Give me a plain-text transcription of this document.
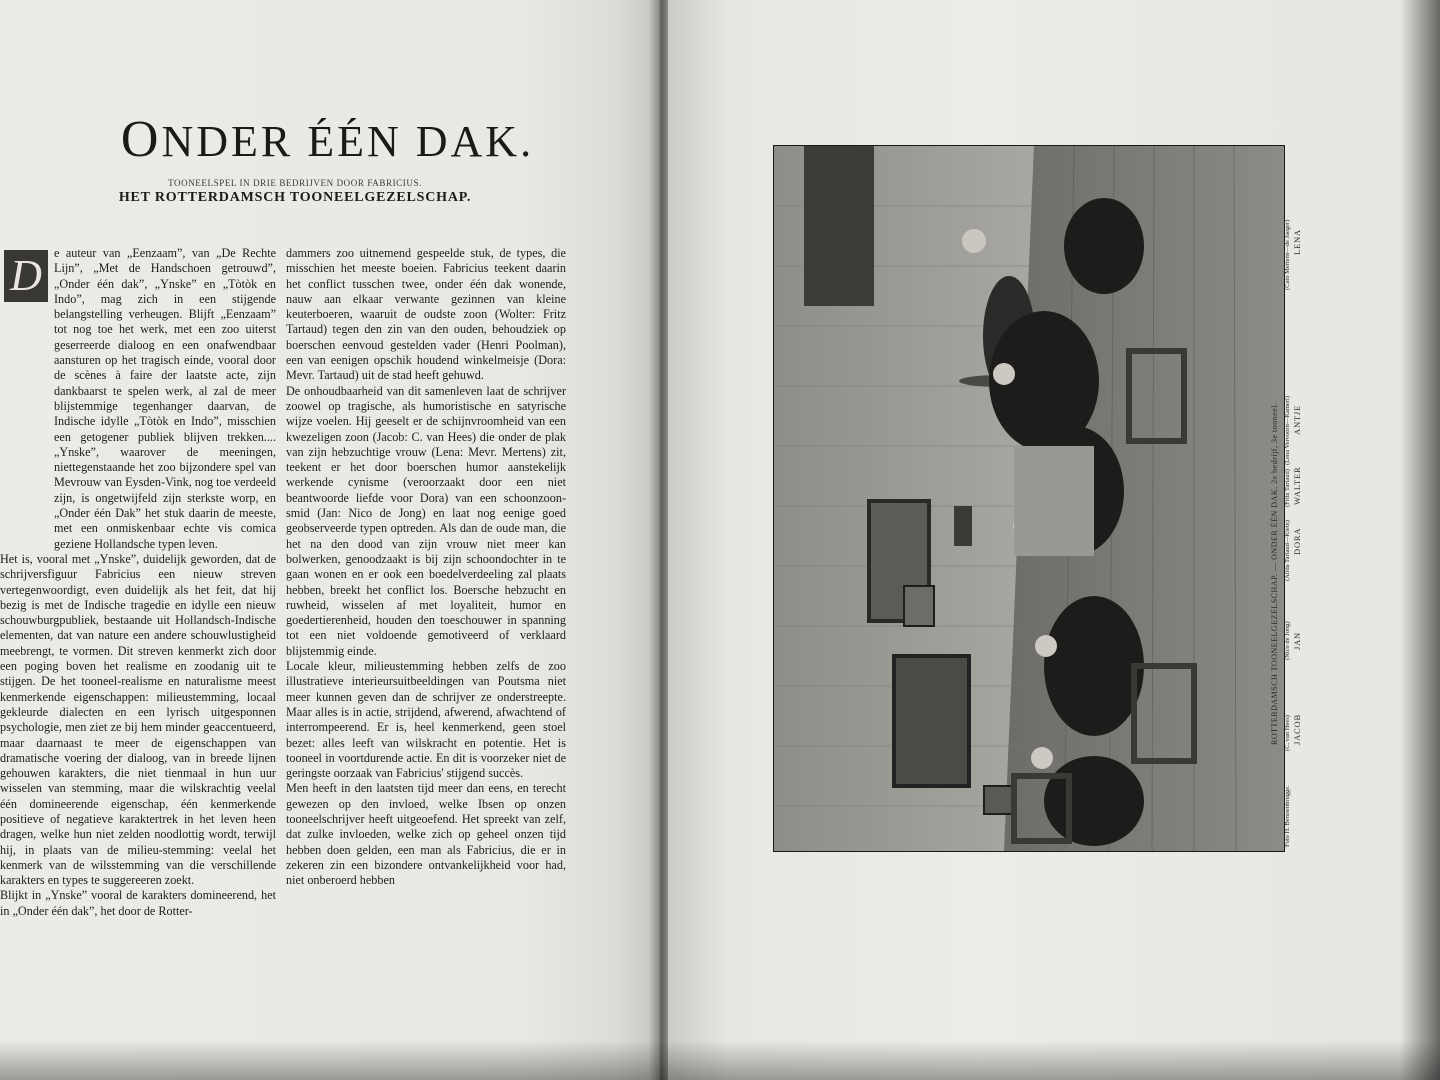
ONDER ÉÉN DAK.

TOONEELSPEL IN DRIE BEDRIJVEN DOOR FABRICIUS.

HET ROTTERDAMSCH TOONEELGEZELSCHAP.

D e auteur van „Eenzaam”, van „De Rechte Lijn”, „Met de Handschoen getrouwd”, „Onder één dak”, „Ynske” en „Tòtòk en Indo”, mag zich in een stijgende belangstelling verheugen. Blijft „Eenzaam” tot nog toe het werk, met een zoo uiterst geserreerde dialoog en een onafwendbaar aansturen op het tragisch einde, vooral door de scènes à faire der laatste acte, zijn dankbaarst te spelen werk, al zal de meer blijstemmige tegenhanger daarvan, de Indische idylle „Tòtòk en Indo”, misschien een getogener publiek blijven trekken.... „Ynske”, waarover de meeningen, niettegenstaande het zoo bijzondere spel van Mevrouw van Eysden-Vink, nog toe verdeeld zijn, is ongetwijfeld zijn sterkste worp, en „Onder één Dak” het stuk daarin de meeste, met een onmiskenbaar echte vis comica geziene Hollandsche typen leven.

Het is, vooral met „Ynske”, duidelijk geworden, dat de schrijversfiguur Fabricius een nieuw streven vertegenwoordigt, even duidelijk als het feit, dat hij bezig is met de Indische tragedie en idylle een nieuw schouwburgpubliek, bestaande uit Hollandsch-Indische elementen, dat van nature een andere schouwlustigheid meebrengt, te vormen. Dit streven kenmerkt zich door een poging boven het realisme en zoodanig uit te stijgen. De het tooneel-realisme en naturalisme meest kenmerkende eigenschappen: milieustemming, locaal gekleurde dialecten en een lyrisch uitgesponnen psychologie, men ziet ze bij hem minder geaccentueerd, maar daarnaast te meer de eigenschappen van dramatische voering der dialoog, van in breede lijnen gehouwen karakters, die niet tienmaal in hun uur wisselen van stemming, maar die wilskrachtig veelal één domineerende eigenschap, één kenmerkende positieve of negatieve karaktertrek in het leven heen dragen, welke hun niet zelden noodlottig wordt, terwijl hij, in plaats van de milieu-stemming: veelal het kenmerk van de wilsstemming van die verschillende karakters en types te suggereeren zoekt.

Blijkt in „Ynske” vooral de karakters domineerend, het in „Onder één dak”, het door de Rotter-

dammers zoo uitnemend gespeelde stuk, de types, die misschien het meeste boeien. Fabricius teekent daarin het conflict tusschen twee, onder één dak wonende, nauw aan elkaar verwante gezinnen van kleine keuterboeren, waaruit de oudste zoon (Wolter: Fritz Tartaud) tegen den zin van den ouden, behoudziek op boerschen eenvoud gestelden vader (Henri Poolman), een van eenigen opschik houdend winkelmeisje (Dora: Mevr. Tartaud) uit de stad heeft gehuwd.

De onhoudbaarheid van dit samenleven laat de schrijver zoowel op tragische, als humoristische en satyrische wijze voelen. Hij geeselt er de schijnvroomheid van een kwezeligen zoon (Jacob: C. van Hees) die onder de plak van zijn hebzuchtige vrouw (Lena: Mevr. Mertens) zit, teekent er het door boerschen humor aanstekelijk werkende cynisme (veroorzaakt door een niet beantwoorde liefde voor Dora) van een schoonzoon-smid (Jan: Nico de Jong) en laat nog eenige goed geobserveerde typen optreden. Als dan de oude man, die het na den dood van zijn vrouw niet meer kan bolwerken, genoodzaakt is bij zijn schoondochter in te gaan wonen en er ook een boedelverdeeling zal plaats hebben, breekt het conflict los. Boersche hebzucht en ruwheid, wisselen af met loyaliteit, humor en goedertierenheid, houden den toeschouwer in spanning tot een niet voldoende gemotiveerd of verklaard blijstemmig einde.

Locale kleur, milieustemming hebben zelfs de zoo illustratieve interieursuitbeeldingen van Poutsma niet meer kunnen geven dan de schrijver ze onderstreepte. Maar alles is in actie, strijdend, afwerend, afwachtend of interrompeerend. Er is, heel kenmerkend, geen stoel bezet: alles leeft van wilskracht en potentie. Het is tooneel in voortdurende actie. En dit is voorzeker niet de geringste oorzaak van Fabricius' stijgend succès.

Men heeft in den laatsten tijd meer dan eens, en terecht gewezen op den invloed, welke Ibsen op onzen tooneelschrijver heeft uitgeoefend. Het spreekt van zelf, dat zulke invloeden, welke zich op geheel onzen tijd hebben doen gelden, een man als Fabricius, die er in zekeren zin een bizondere ontvankelijkheid voor had, niet onberoerd hebben

Foto H. Berssenbrugge.
JACOB
(C. van Hees)
JAN
(Nico de Jong)
DORA
(Alida Tartaud—Klein)
WALTER
(Fritz Tartaud)
ANTJE
(Lena Vervoorn—Kamerl)
LENA
(Cato Mertens—de Jaeger)
ROTTERDAMSCH TOONEELGEZELSCHAP. — ONDER ÉÉN DAK. 2e bedrijf, 3e tooneel.
